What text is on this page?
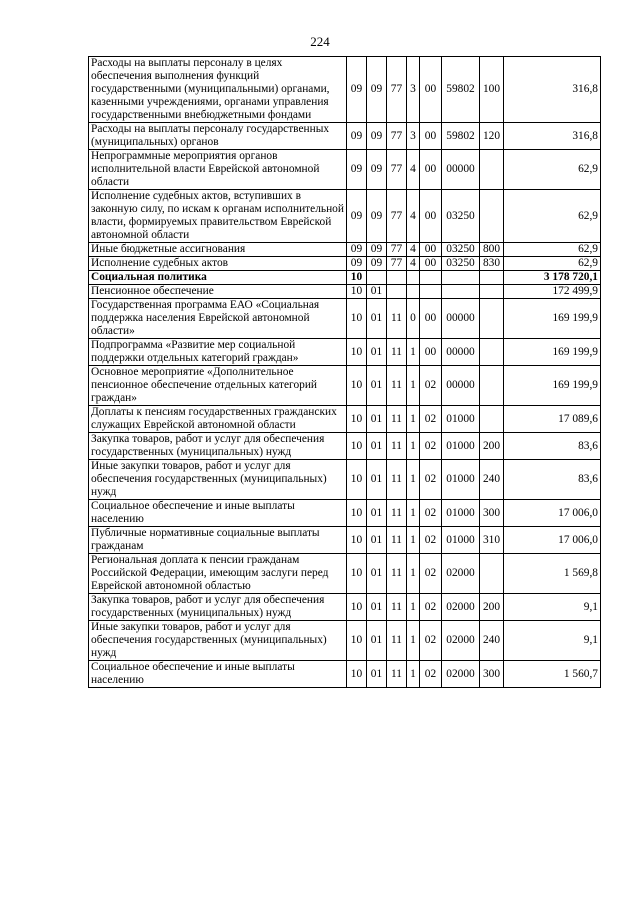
224
Расходы на выплаты персоналу в целях обеспечения выполнения функций государственными (муниципальными) органами, казенными учреждениями, органами управления государственными внебюджетными фондами	09	09	77	3	00	59802	100	316,8
Расходы на выплаты персоналу государственных (муниципальных) органов	09	09	77	3	00	59802	120	316,8
Непрограммные мероприятия органов исполнительной власти Еврейской автономной области	09	09	77	4	00	00000		62,9
Исполнение судебных актов, вступивших в законную силу, по искам к органам исполнительной власти, формируемых правительством Еврейской автономной области	09	09	77	4	00	03250		62,9
Иные бюджетные ассигнования	09	09	77	4	00	03250	800	62,9
Исполнение судебных актов	09	09	77	4	00	03250	830	62,9
Социальная политика	10							3 178 720,1
Пенсионное обеспечение	10	01						172 499,9
Государственная программа ЕАО «Социальная поддержка населения Еврейской автономной области»	10	01	11	0	00	00000		169 199,9
Подпрограмма «Развитие мер социальной поддержки отдельных категорий граждан»	10	01	11	1	00	00000		169 199,9
Основное мероприятие «Дополнительное пенсионное обеспечение отдельных категорий граждан»	10	01	11	1	02	00000		169 199,9
Доплаты к пенсиям государственных гражданских служащих Еврейской автономной области	10	01	11	1	02	01000		17 089,6
Закупка товаров, работ и услуг для обеспечения государственных (муниципальных) нужд	10	01	11	1	02	01000	200	83,6
Иные закупки товаров, работ и услуг для обеспечения государственных (муниципальных) нужд	10	01	11	1	02	01000	240	83,6
Социальное обеспечение и иные выплаты населению	10	01	11	1	02	01000	300	17 006,0
Публичные нормативные социальные выплаты гражданам	10	01	11	1	02	01000	310	17 006,0
Региональная доплата к пенсии гражданам Российской Федерации, имеющим заслуги перед Еврейской автономной областью	10	01	11	1	02	02000		1 569,8
Закупка товаров, работ и услуг для обеспечения государственных (муниципальных) нужд	10	01	11	1	02	02000	200	9,1
Иные закупки товаров, работ и услуг для обеспечения государственных (муниципальных) нужд	10	01	11	1	02	02000	240	9,1
Социальное обеспечение и иные выплаты населению	10	01	11	1	02	02000	300	1 560,7
